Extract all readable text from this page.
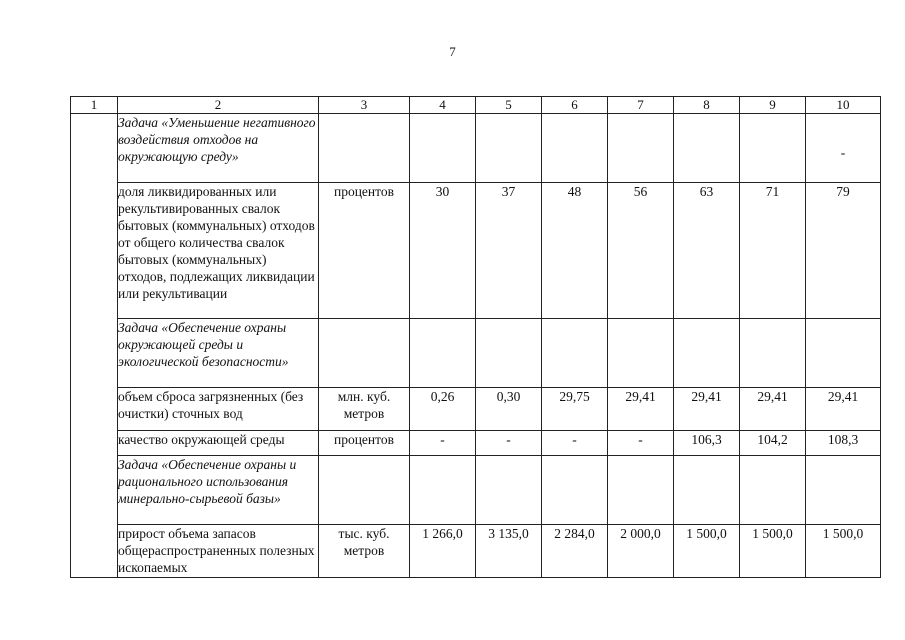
7
1	2	3	4	5	6	7	8	9	10
	Задача «Уменьшение негативного воздействия отходов на окружающую среду»								-

	доля ликвидированных или рекультивированных свалок бытовых (коммунальных) отходов от общего количества свалок бытовых (коммунальных) отходов, подлежащих ликвидации или рекультивации	процентов	30	37	48	56	63	71	79
	Задача «Обеспечение охраны окружающей среды и экологической безопасности»								
	объем сброса загрязненных (без очистки) сточных вод	млн. куб. метров	0,26	0,30	29,75	29,41	29,41	29,41	29,41
	качество окружающей среды	процентов	-	-	-	-	106,3	104,2	108,3
	Задача «Обеспечение охраны и рационального использования минерально-сырьевой базы»								
	прирост объема запасов общераспространенных полезных ископаемых	тыс. куб. метров	1 266,0	3 135,0	2 284,0	2 000,0	1 500,0	1 500,0	1 500,0
